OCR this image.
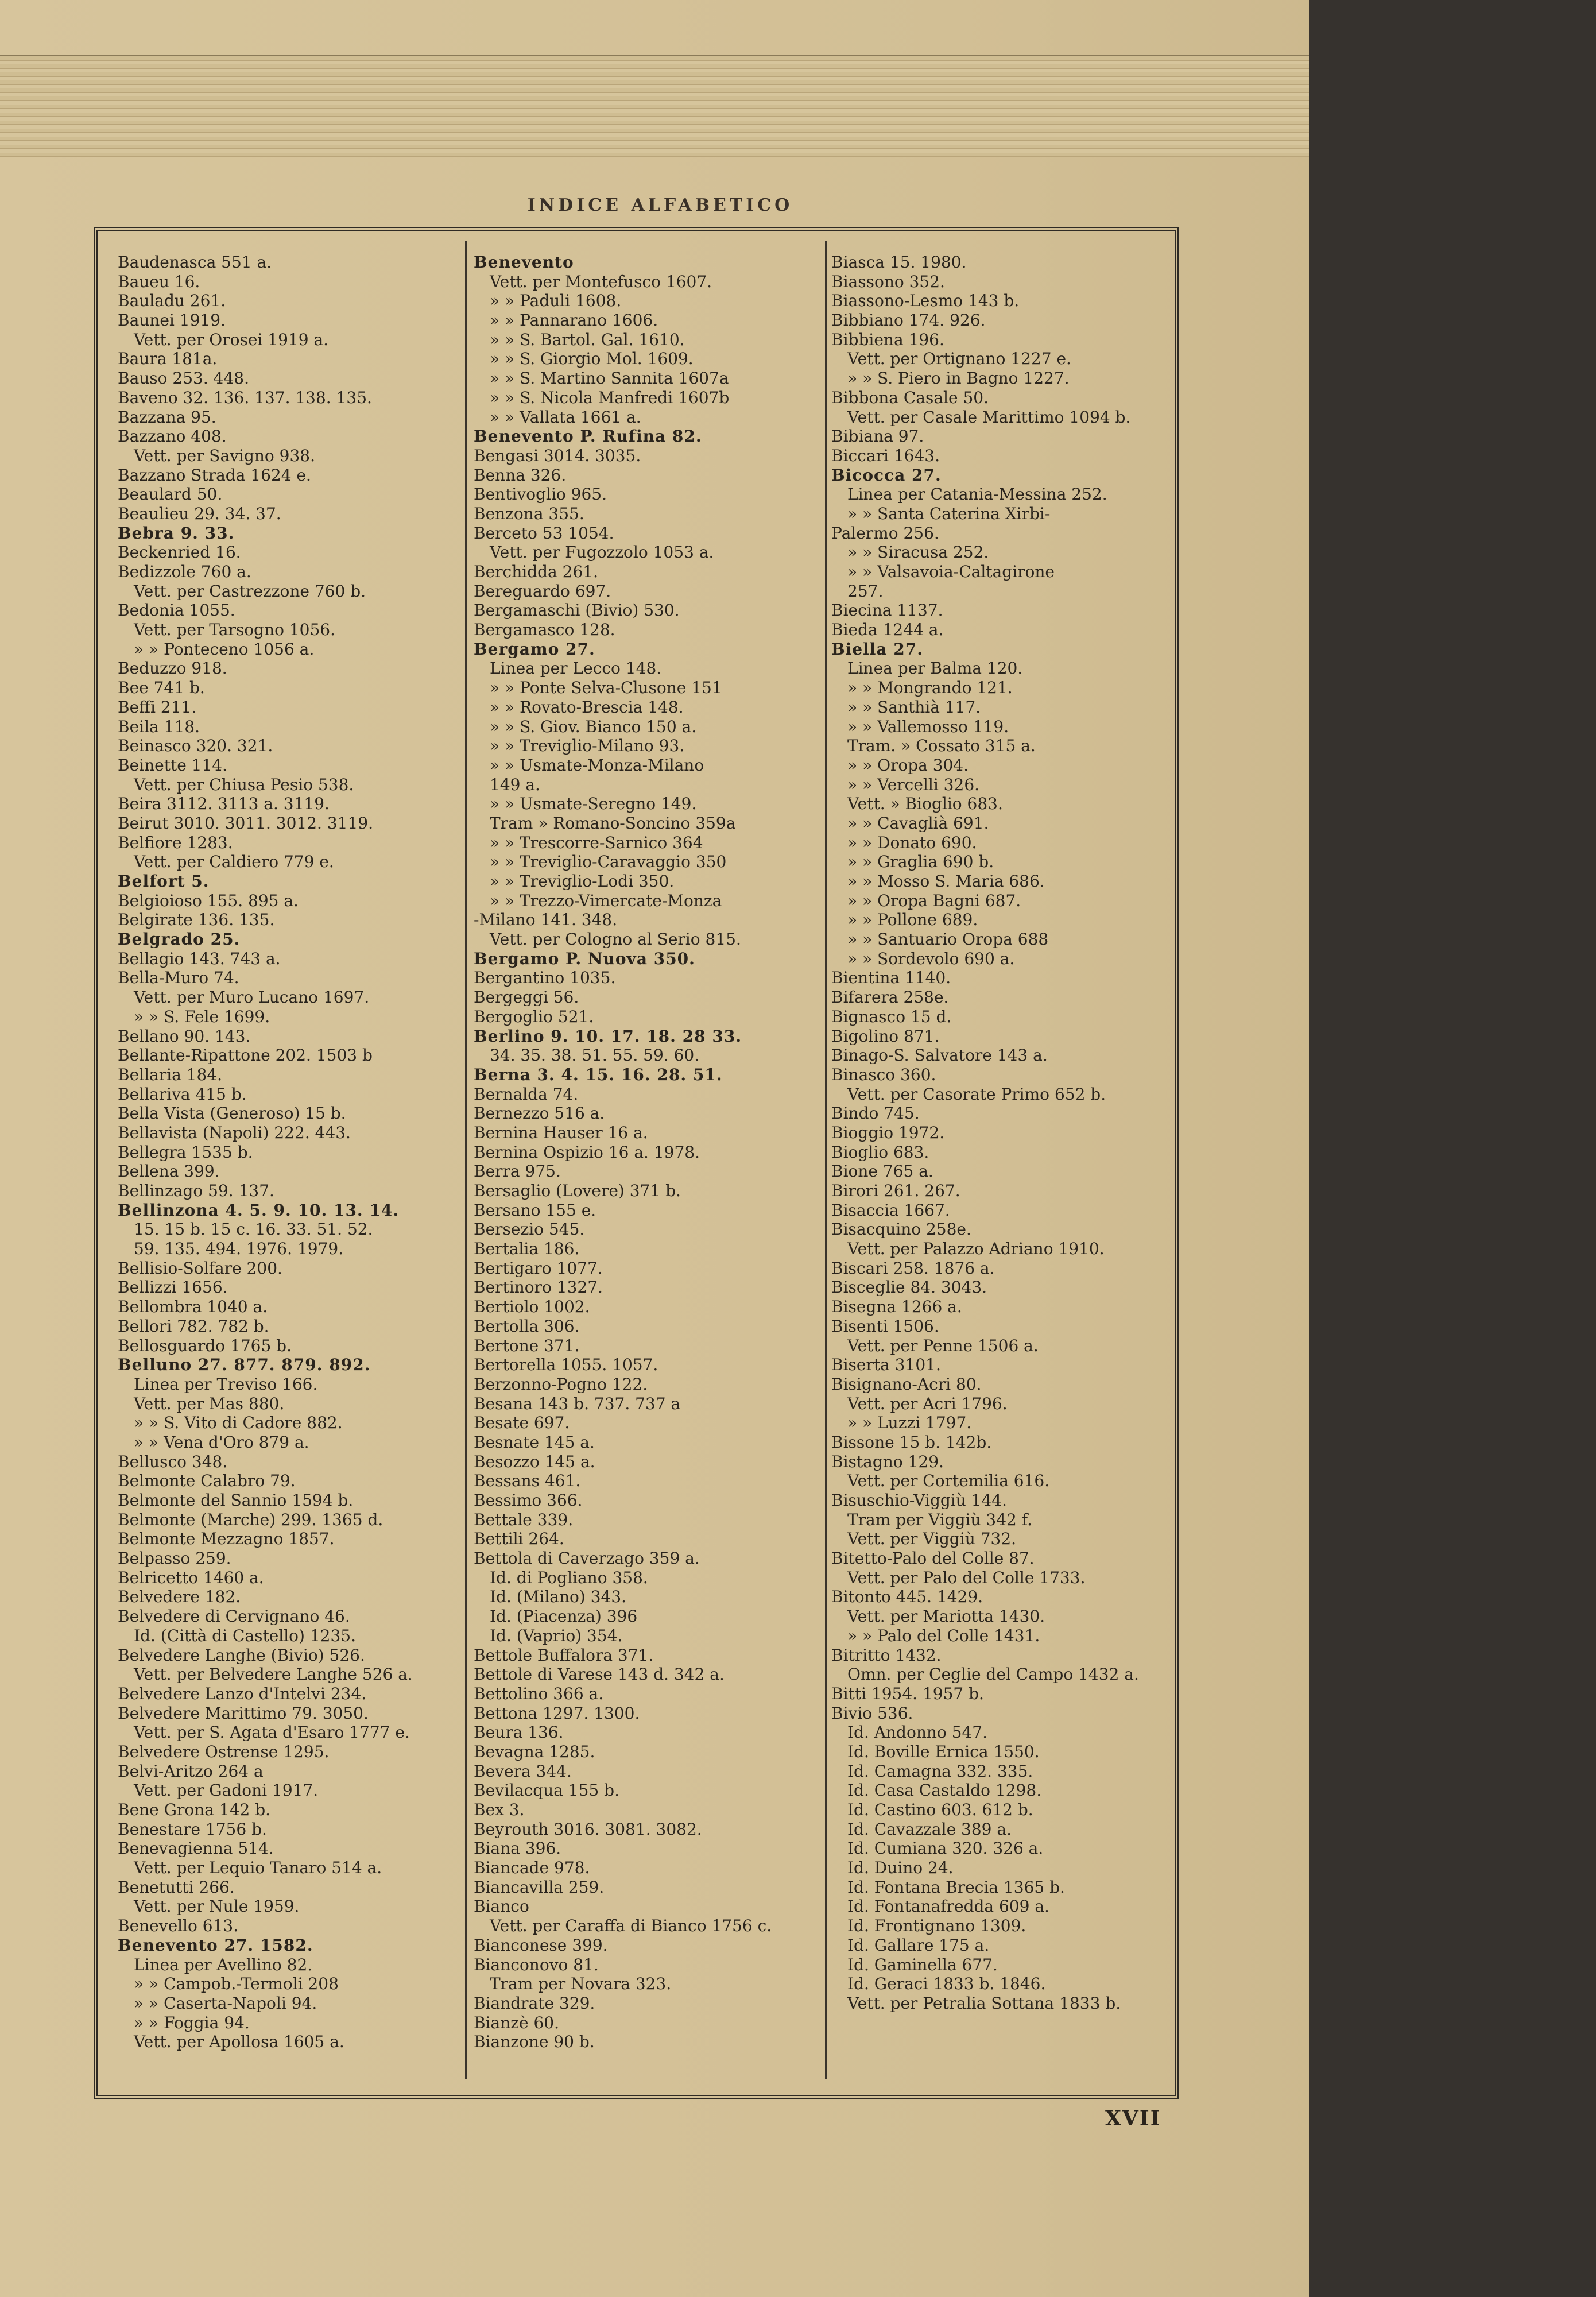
INDICE ALFABETICO
Baudenasca 551 a.
Baueu 16.
Bauladu 261.
Baunei 1919.
Vett. per Orosei 1919 a.
Baura 181a.
Bauso 253. 448.
Baveno 32. 136. 137. 138. 135.
Bazzana 95.
Bazzano 408.
Vett. per Savigno 938.
Bazzano Strada 1624 e.
Beaulard 50.
Beaulieu 29. 34. 37.
Bebra 9. 33.
Beckenried 16.
Bedizzole 760 a.
Vett. per Castrezzone 760 b.
Bedonia 1055.
Vett. per Tarsogno 1056.
» » Ponteceno 1056 a.
Beduzzo 918.
Bee 741 b.
Beffi 211.
Beila 118.
Beinasco 320. 321.
Beinette 114.
Vett. per Chiusa Pesio 538.
Beira 3112. 3113 a. 3119.
Beirut 3010. 3011. 3012. 3119.
Belfiore 1283.
Vett. per Caldiero 779 e.
Belfort 5.
Belgioioso 155. 895 a.
Belgirate 136. 135.
Belgrado 25.
Bellagio 143. 743 a.
Bella-Muro 74.
Vett. per Muro Lucano 1697.
» » S. Fele 1699.
Bellano 90. 143.
Bellante-Ripattone 202. 1503 b
Bellaria 184.
Bellariva 415 b.
Bella Vista (Generoso) 15 b.
Bellavista (Napoli) 222. 443.
Bellegra 1535 b.
Bellena 399.
Bellinzago 59. 137.
Bellinzona 4. 5. 9. 10. 13. 14.
15. 15 b. 15 c. 16. 33. 51. 52.
59. 135. 494. 1976. 1979.
Bellisio-Solfare 200.
Bellizzi 1656.
Bellombra 1040 a.
Bellori 782. 782 b.
Bellosguardo 1765 b.
Belluno 27. 877. 879. 892.
Linea per Treviso 166.
Vett. per Mas 880.
» » S. Vito di Cadore 882.
» » Vena d'Oro 879 a.
Bellusco 348.
Belmonte Calabro 79.
Belmonte del Sannio 1594 b.
Belmonte (Marche) 299. 1365 d.
Belmonte Mezzagno 1857.
Belpasso 259.
Belricetto 1460 a.
Belvedere 182.
Belvedere di Cervignano 46.
Id. (Città di Castello) 1235.
Belvedere Langhe (Bivio) 526.
Vett. per Belvedere Langhe 526 a.
Belvedere Lanzo d'Intelvi 234.
Belvedere Marittimo 79. 3050.
Vett. per S. Agata d'Esaro 1777 e.
Belvedere Ostrense 1295.
Belvi-Aritzo 264 a
Vett. per Gadoni 1917.
Bene Grona 142 b.
Benestare 1756 b.
Benevagienna 514.
Vett. per Lequio Tanaro 514 a.
Benetutti 266.
Vett. per Nule 1959.
Benevello 613.
Benevento 27. 1582.
Linea per Avellino 82.
» » Campob.-Termoli 208
» » Caserta-Napoli 94.
» » Foggia 94.
Vett. per Apollosa 1605 a.
Benevento
Vett. per Montefusco 1607.
» » Paduli 1608.
» » Pannarano 1606.
» » S. Bartol. Gal. 1610.
» » S. Giorgio Mol. 1609.
» » S. Martino Sannita 1607a
» » S. Nicola Manfredi 1607b
» » Vallata 1661 a.
Benevento P. Rufina 82.
Bengasi 3014. 3035.
Benna 326.
Bentivoglio 965.
Benzona 355.
Berceto 53 1054.
Vett. per Fugozzolo 1053 a.
Berchidda 261.
Bereguardo 697.
Bergamaschi (Bivio) 530.
Bergamasco 128.
Bergamo 27.
Linea per Lecco 148.
» » Ponte Selva-Clusone 151
» » Rovato-Brescia 148.
» » S. Giov. Bianco 150 a.
» » Treviglio-Milano 93.
» » Usmate-Monza-Milano
149 a.
» » Usmate-Seregno 149.
Tram » Romano-Soncino 359a
» » Trescorre-Sarnico 364
» » Treviglio-Caravaggio 350
» » Treviglio-Lodi 350.
» » Trezzo-Vimercate-Monza
-Milano 141. 348.
Vett. per Cologno al Serio 815.
Bergamo P. Nuova 350.
Bergantino 1035.
Bergeggi 56.
Bergoglio 521.
Berlino 9. 10. 17. 18. 28 33.
34. 35. 38. 51. 55. 59. 60.
Berna 3. 4. 15. 16. 28. 51.
Bernalda 74.
Bernezzo 516 a.
Bernina Hauser 16 a.
Bernina Ospizio 16 a. 1978.
Berra 975.
Bersaglio (Lovere) 371 b.
Bersano 155 e.
Bersezio 545.
Bertalia 186.
Bertigaro 1077.
Bertinoro 1327.
Bertiolo 1002.
Bertolla 306.
Bertone 371.
Bertorella 1055. 1057.
Berzonno-Pogno 122.
Besana 143 b. 737. 737 a
Besate 697.
Besnate 145 a.
Besozzo 145 a.
Bessans 461.
Bessimo 366.
Bettale 339.
Bettili 264.
Bettola di Caverzago 359 a.
Id. di Pogliano 358.
Id. (Milano) 343.
Id. (Piacenza) 396
Id. (Vaprio) 354.
Bettole Buffalora 371.
Bettole di Varese 143 d. 342 a.
Bettolino 366 a.
Bettona 1297. 1300.
Beura 136.
Bevagna 1285.
Bevera 344.
Bevilacqua 155 b.
Bex 3.
Beyrouth 3016. 3081. 3082.
Biana 396.
Biancade 978.
Biancavilla 259.
Bianco
Vett. per Caraffa di Bianco 1756 c.
Bianconese 399.
Bianconovo 81.
Tram per Novara 323.
Biandrate 329.
Bianzè 60.
Bianzone 90 b.
Biasca 15. 1980.
Biassono 352.
Biassono-Lesmo 143 b.
Bibbiano 174. 926.
Bibbiena 196.
Vett. per Ortignano 1227 e.
» » S. Piero in Bagno 1227.
Bibbona Casale 50.
Vett. per Casale Marittimo 1094 b.
Bibiana 97.
Biccari 1643.
Bicocca 27.
Linea per Catania-Messina 252.
» » Santa Caterina Xirbi-
Palermo 256.
» » Siracusa 252.
» » Valsavoia-Caltagirone
257.
Biecina 1137.
Bieda 1244 a.
Biella 27.
Linea per Balma 120.
» » Mongrando 121.
» » Santhià 117.
» » Vallemosso 119.
Tram. » Cossato 315 a.
» » Oropa 304.
» » Vercelli 326.
Vett. » Bioglio 683.
» » Cavaglià 691.
» » Donato 690.
» » Graglia 690 b.
» » Mosso S. Maria 686.
» » Oropa Bagni 687.
» » Pollone 689.
» » Santuario Oropa 688
» » Sordevolo 690 a.
Bientina 1140.
Bifarera 258e.
Bignasco 15 d.
Bigolino 871.
Binago-S. Salvatore 143 a.
Binasco 360.
Vett. per Casorate Primo 652 b.
Bindo 745.
Bioggio 1972.
Bioglio 683.
Bione 765 a.
Birori 261. 267.
Bisaccia 1667.
Bisacquino 258e.
Vett. per Palazzo Adriano 1910.
Biscari 258. 1876 a.
Bisceglie 84. 3043.
Bisegna 1266 a.
Bisenti 1506.
Vett. per Penne 1506 a.
Biserta 3101.
Bisignano-Acri 80.
Vett. per Acri 1796.
» » Luzzi 1797.
Bissone 15 b. 142b.
Bistagno 129.
Vett. per Cortemilia 616.
Bisuschio-Viggiù 144.
Tram per Viggiù 342 f.
Vett. per Viggiù 732.
Bitetto-Palo del Colle 87.
Vett. per Palo del Colle 1733.
Bitonto 445. 1429.
Vett. per Mariotta 1430.
» » Palo del Colle 1431.
Bitritto 1432.
Omn. per Ceglie del Campo 1432 a.
Bitti 1954. 1957 b.
Bivio 536.
Id. Andonno 547.
Id. Boville Ernica 1550.
Id. Camagna 332. 335.
Id. Casa Castaldo 1298.
Id. Castino 603. 612 b.
Id. Cavazzale 389 a.
Id. Cumiana 320. 326 a.
Id. Duino 24.
Id. Fontana Brecia 1365 b.
Id. Fontanafredda 609 a.
Id. Frontignano 1309.
Id. Gallare 175 a.
Id. Gaminella 677.
Id. Geraci 1833 b. 1846.
Vett. per Petralia Sottana 1833 b.
XVII
